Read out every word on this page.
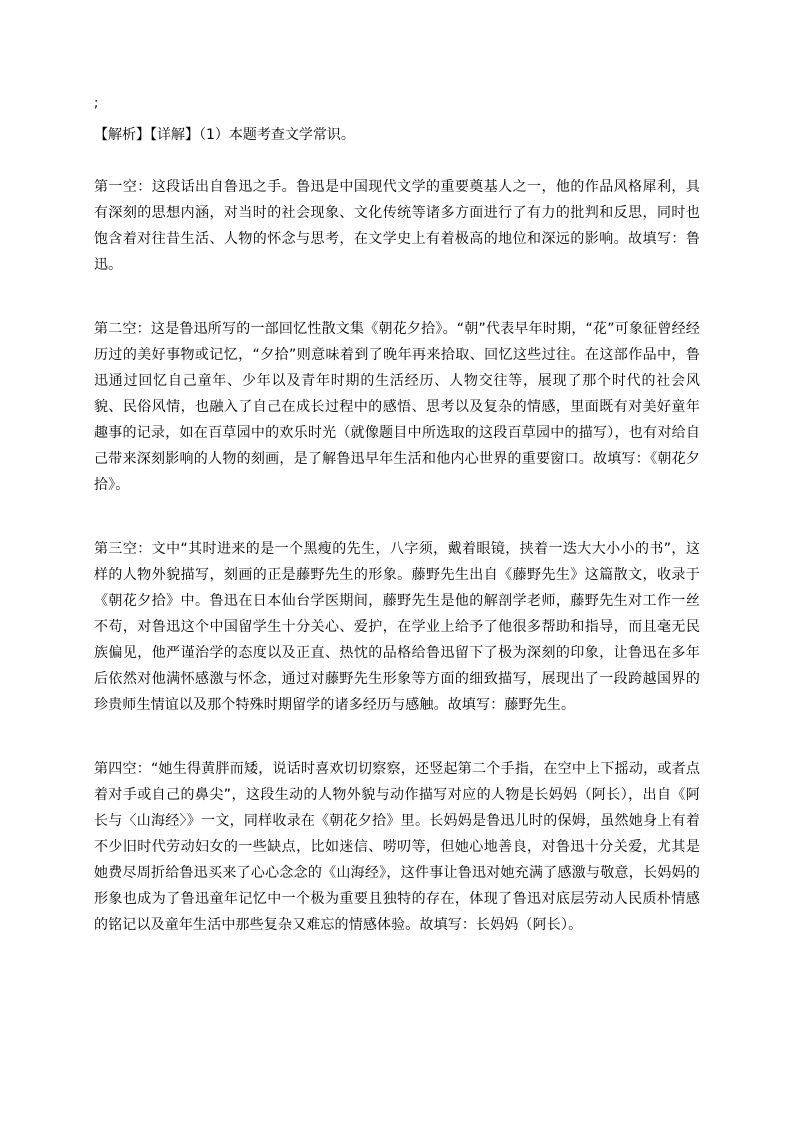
;
【解析】【详解】（1）本题考查文学常识。

第一空：这段话出自鲁迅之手。鲁迅是中国现代文学的重要奠基人之一，他的作品风格犀利，具有深刻的思想内涵，对当时的社会现象、文化传统等诸多方面进行了有力的批判和反思，同时也饱含着对往昔生活、人物的怀念与思考，在文学史上有着极高的地位和深远的影响。故填写：鲁迅。

第二空：这是鲁迅所写的一部回忆性散文集《朝花夕拾》。“朝”代表早年时期，“花”可象征曾经经历过的美好事物或记忆，“夕拾”则意味着到了晚年再来拾取、回忆这些过往。在这部作品中，鲁迅通过回忆自己童年、少年以及青年时期的生活经历、人物交往等，展现了那个时代的社会风貌、民俗风情，也融入了自己在成长过程中的感悟、思考以及复杂的情感，里面既有对美好童年趣事的记录，如在百草园中的欢乐时光（就像题目中所选取的这段百草园中的描写），也有对给自己带来深刻影响的人物的刻画，是了解鲁迅早年生活和他内心世界的重要窗口。故填写：《朝花夕拾》。

第三空：文中“其时进来的是一个黑瘦的先生，八字须，戴着眼镜，挟着一迭大大小小的书”，这样的人物外貌描写，刻画的正是藤野先生的形象。藤野先生出自《藤野先生》这篇散文，收录于《朝花夕拾》中。鲁迅在日本仙台学医期间，藤野先生是他的解剖学老师，藤野先生对工作一丝不苟，对鲁迅这个中国留学生十分关心、爱护，在学业上给予了他很多帮助和指导，而且毫无民族偏见，他严谨治学的态度以及正直、热忱的品格给鲁迅留下了极为深刻的印象，让鲁迅在多年后依然对他满怀感激与怀念，通过对藤野先生形象等方面的细致描写，展现出了一段跨越国界的珍贵师生情谊以及那个特殊时期留学的诸多经历与感触。故填写：藤野先生。

第四空：“她生得黄胖而矮，说话时喜欢切切察察，还竖起第二个手指，在空中上下摇动，或者点着对手或自己的鼻尖”，这段生动的人物外貌与动作描写对应的人物是长妈妈（阿长），出自《阿长与〈山海经〉》一文，同样收录在《朝花夕拾》里。长妈妈是鲁迅儿时的保姆，虽然她身上有着不少旧时代劳动妇女的一些缺点，比如迷信、唠叨等，但她心地善良，对鲁迅十分关爱，尤其是她费尽周折给鲁迅买来了心心念念的《山海经》，这件事让鲁迅对她充满了感激与敬意，长妈妈的形象也成为了鲁迅童年记忆中一个极为重要且独特的存在，体现了鲁迅对底层劳动人民质朴情感的铭记以及童年生活中那些复杂又难忘的情感体验。故填写：长妈妈（阿长）。
